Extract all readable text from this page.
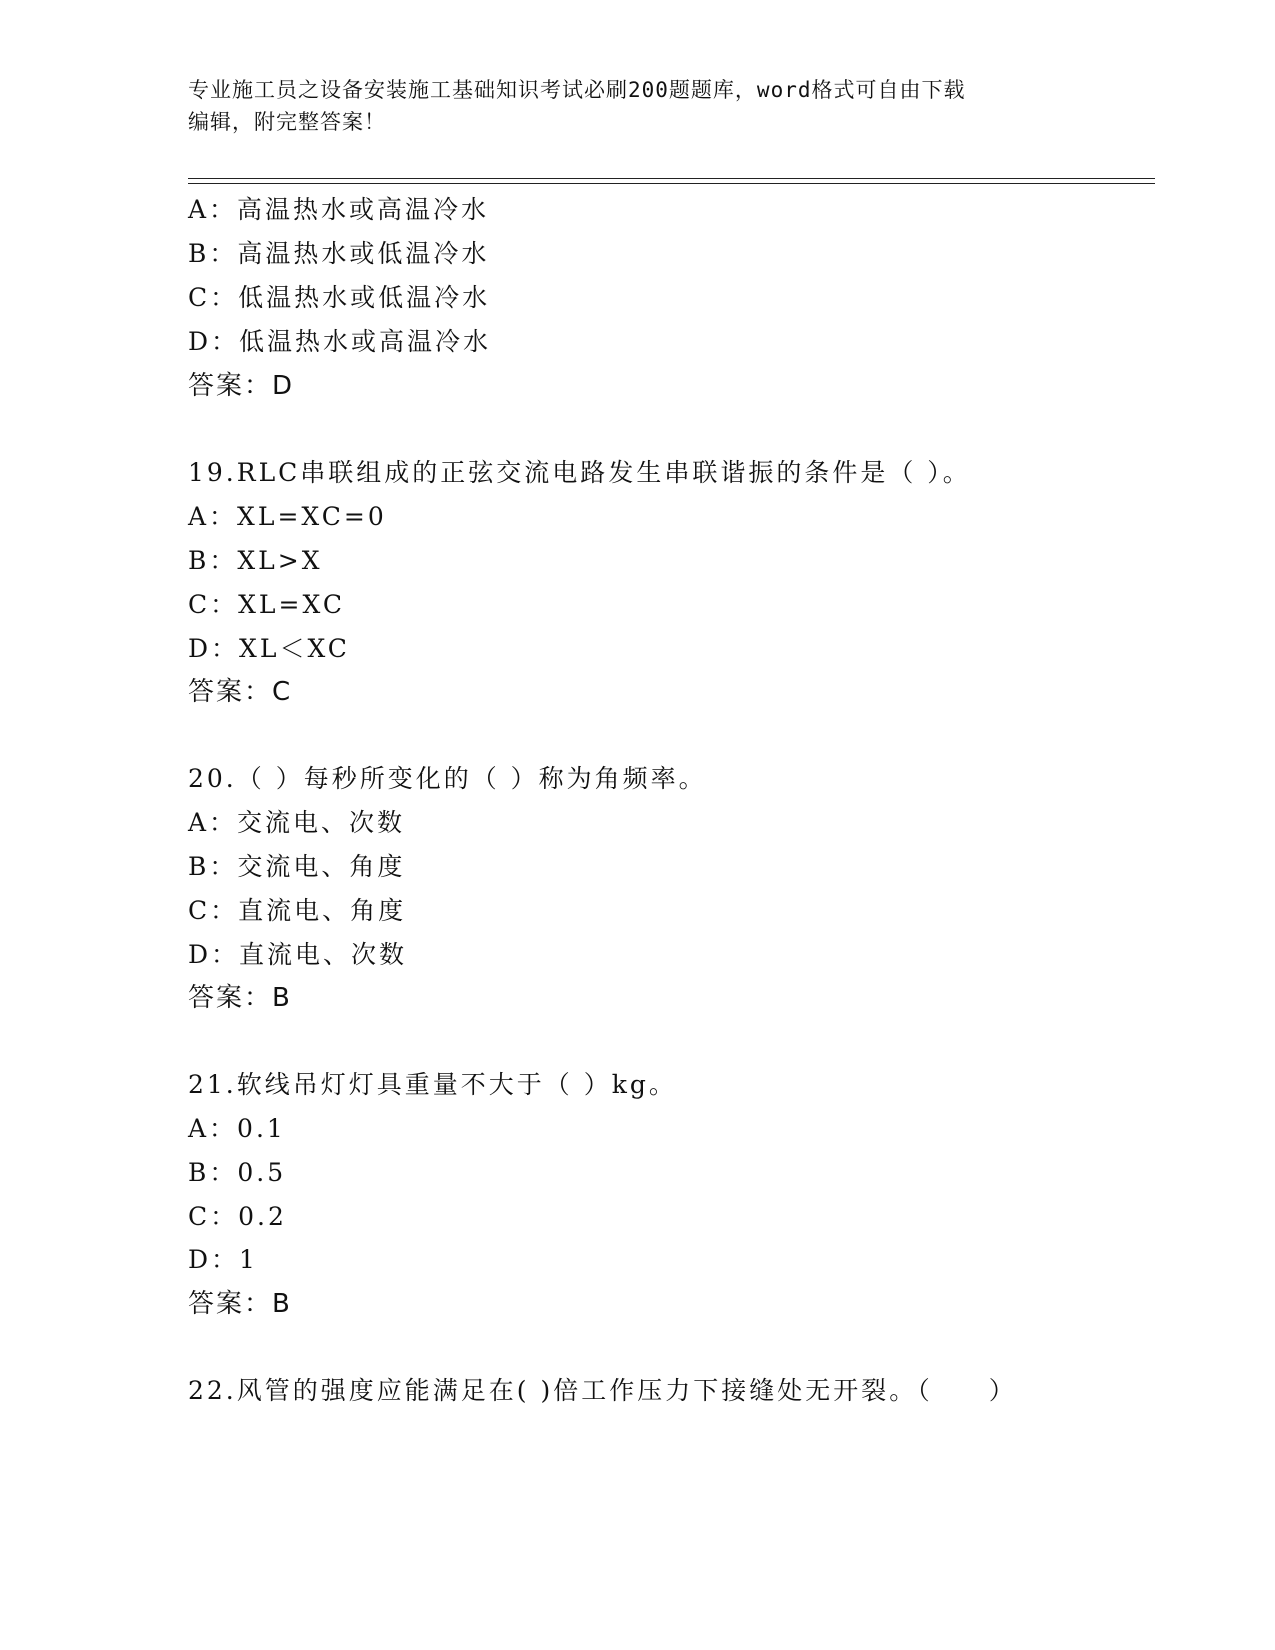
专业施工员之设备安装施工基础知识考试必刷200题题库，word格式可自由下载
编辑，附完整答案！
A：高温热水或高温冷水
B：高温热水或低温冷水
C：低温热水或低温冷水
D：低温热水或高温冷水
答案：D
19.RLC串联组成的正弦交流电路发生串联谐振的条件是（ ）。
A：XL=XC=0
B：XL>X
C：XL=XC
D：XL＜XC
答案：C
20.（ ）每秒所变化的（ ）称为角频率。
A：交流电、次数
B：交流电、角度
C：直流电、角度
D：直流电、次数
答案：B
21.软线吊灯灯具重量不大于（ ）kg。
A：0.1
B：0.5
C：0.2
D：1
答案：B
22.风管的强度应能满足在( )倍工作压力下接缝处无开裂。（　　）
